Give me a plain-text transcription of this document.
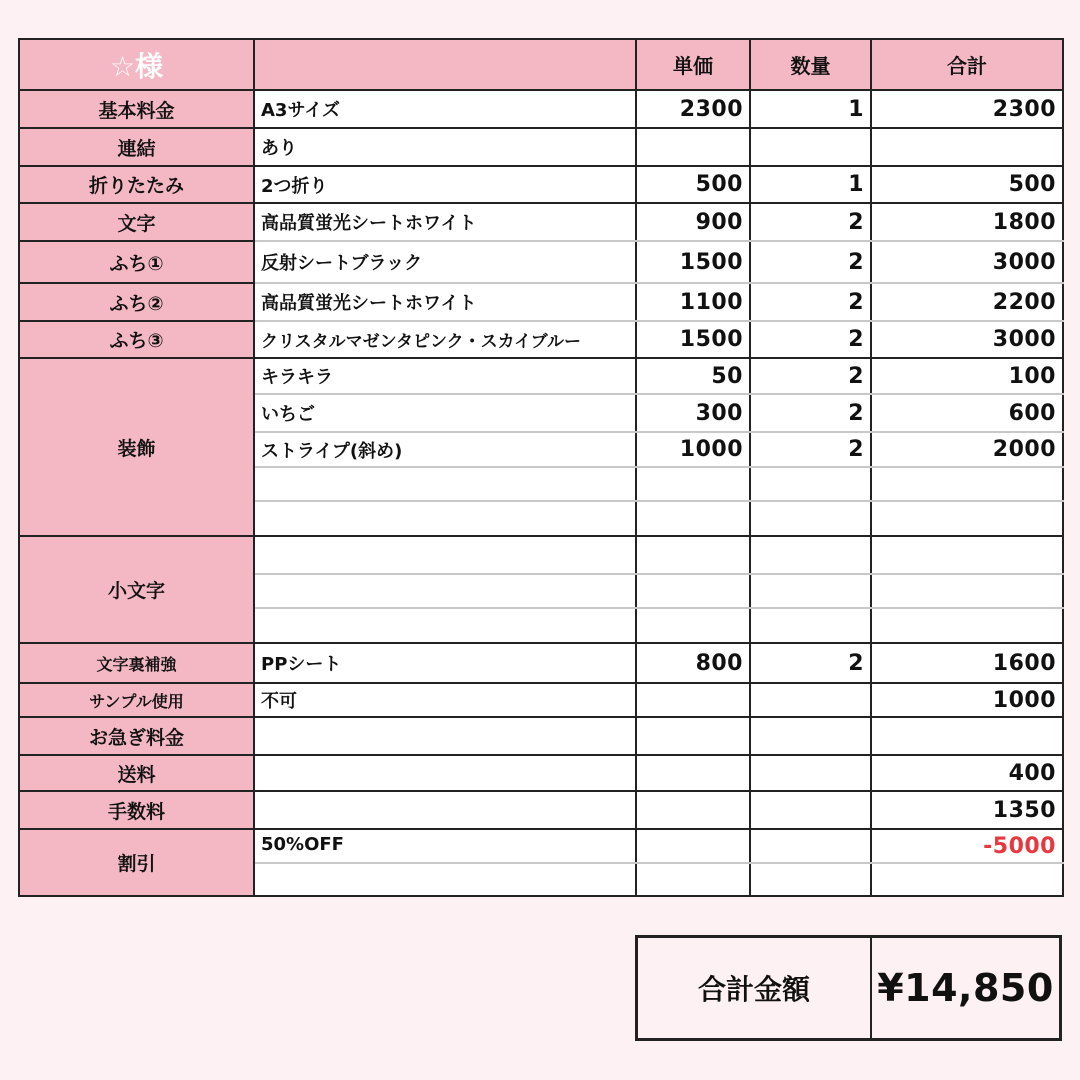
☆様		単価	数量	合計
基本料金	A3サイズ	2300	1	2300
連結	あり			
折りたたみ	2つ折り	500	1	500
文字	高品質蛍光シートホワイト	900	2	1800
ふち①	反射シートブラック	1500	2	3000
ふち②	高品質蛍光シートホワイト	1100	2	2200
ふち③	クリスタルマゼンタピンク・スカイブルー	1500	2	3000
装飾	キラキラ	50	2	100
	いちご	300	2	600
	ストライプ(斜め)	1000	2	2000

小文字				

文字裏補強	PPシート	800	2	1600
サンプル使用	不可			1000
お急ぎ料金				
送料				400
手数料				1350
割引	50%OFF			-5000

合計金額	¥14,850
